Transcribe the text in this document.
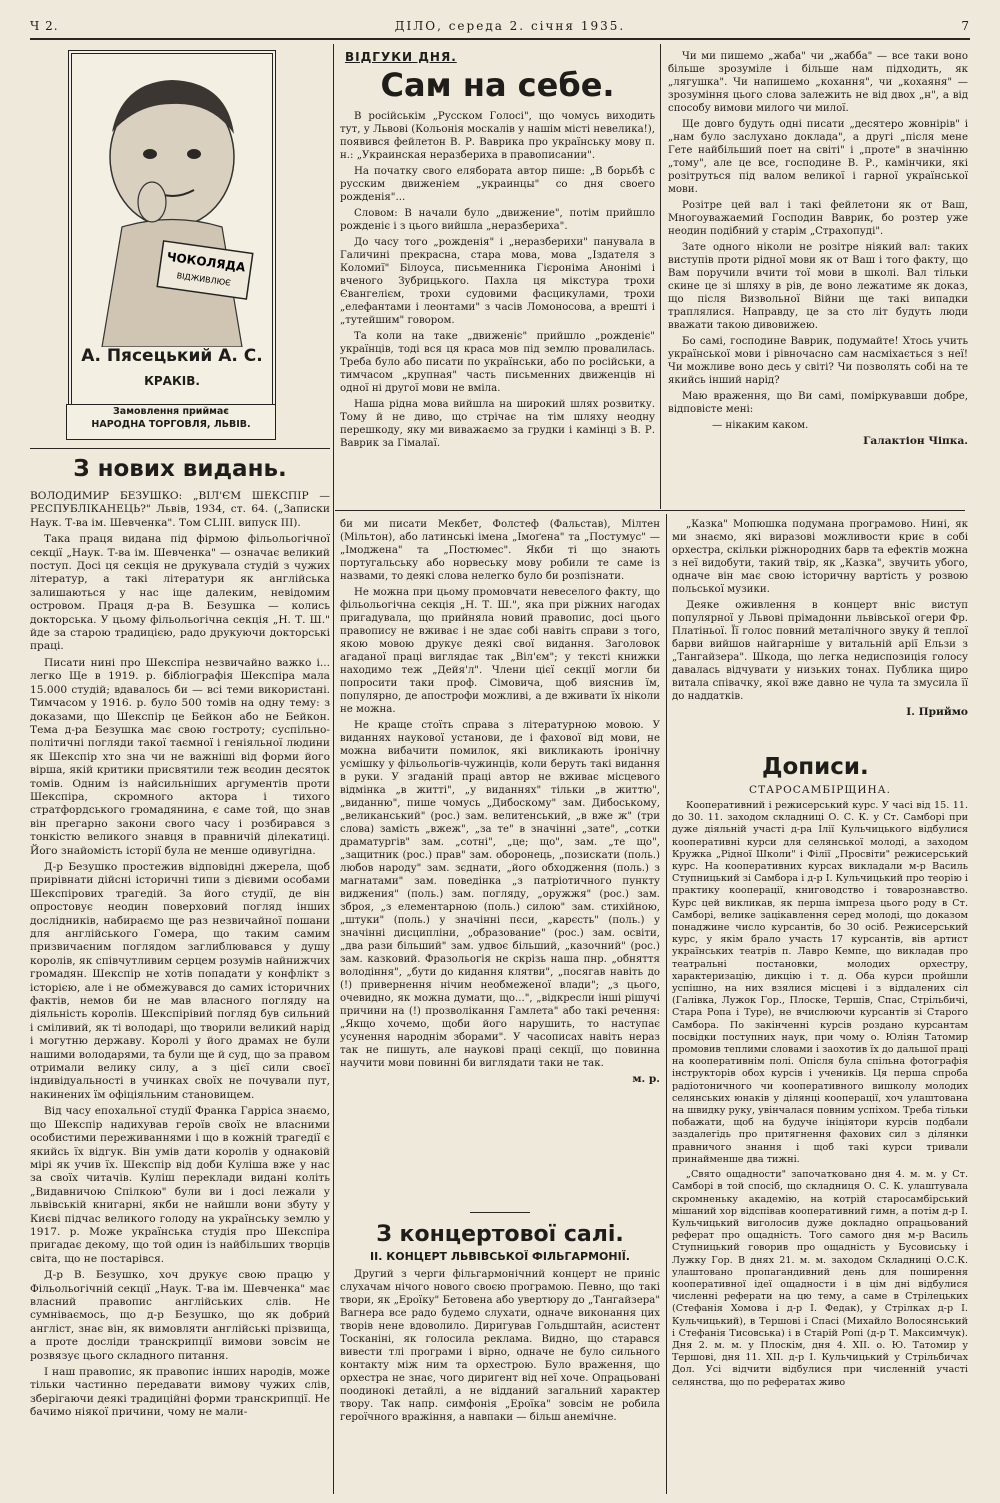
Ч 2.	ДІЛО, середа 2. січня 1935.	7
ЧОКОЛЯДА
ВІДЖИВЛЮЄ
А. Пясецький А. С.
КРАКІВ.
Замовлення приймає
НАРОДНА ТОРГОВЛЯ, ЛЬВІВ.
З нових видань.

ВОЛОДИМИР БЕЗУШКО: „ВІЛ'ЄМ ШЕКСПІР — РЕСПУБЛІКАНЕЦЬ?" Львів, 1934, ст. 64. („Записки Наук. Т-ва ім. Шевченка". Том CLIII. випуск III).

Така праця видана під фірмою фільольогічної секції „Наук. Т-ва ім. Шевченка" — означає великий поступ. Досі ця секція не друкувала студій з чужих літератур, а такі літератури як англійська залишаються у нас іще далеким, невідомим островом. Праця д-ра В. Безушка — колись докторська. У цьому фільольогічна секція „Н. Т. Ш." йде за старою традицією, радо друкуючи докторські праці.

Писати нині про Шекспіра незвичайно важко і... легко Ще в 1919. р. бібліографія Шекспіра мала 15.000 студій; вдавалось би — всі теми використані. Тимчасом у 1916. р. було 500 томів на одну тему: з доказами, що Шекспір це Бейкон або не Бейкон. Тема д-ра Безушка має свою гостроту; суспільно-політичні погляди такої таємної і геніяльної людини як Шекспір хто зна чи не важніші від форми його вірша, якій критики присвятили теж вєодин десяток томів. Одним із найсильніших аргументів проти Шекспіра, скромного актора і тихого стратфордського громадянина, є саме той, що знав він прегарно закони свого часу і розбирався з тонкістю великого знавця в правничій ділекатиці. Його знайомість історії була не менше одивугідна.

Д-р Безушко простежив відповідні джерела, щоб прирівнати дійсні історичні типи з дієвими особами Шекспірових трагедій. За його студії, де він опростовує неодин поверховий погляд інших дослідників, набираємо ще раз незвичайної пошани для англійського Гомера, що таким самим призвичаєним поглядом заглиблювався у душу королів, як співчутливим серцем розумів найнижчих громадян. Шекспір не хотів попадати у конфлікт з історією, але і не обмежувався до самих історичних фактів, немов би не мав власного погляду на діяльність королів. Шекспірівий погляд був сильний і сміливий, як ті володарі, що творили великий нарід і могутню державу. Королі у його драмах не були нашими володарями, та були ще й суд, що за правом отримали велику силу, а з цієї сили своєї індивідуальності в учинках своїх не почували пут, накинених їм офіціяльним становищем.

Від часу епохальної студії Франка Гарріса знаємо, що Шекспір надихував героїв своїх не власними особистими переживаннями і що в кожній трагедії є якийсь їх відгук. Він умів дати королів у однаковій мірі як учив їх. Шекспір від доби Куліша вже у нас за своїх читачів. Куліш переклади видані коліть „Видавничою Спілкою" були ви і досі лежали у львівській книгарні, якби не найшли вони збуту у Києві підчас великого голоду на українську землю у 1917. р. Може українська студія про Шекспіра пригадає декому, що той один із найбільших творців світа, що не постарівся.

Д-р В. Безушко, хоч друкує свою працю у Фільольогічній секції „Наук. Т-ва ім. Шевченка" має власний правопис англійських слів. Не сумніваємось, що д-р Безушко, що як добрий англіст, знає він, як вимовляти англійські прізвища, а проте досліди транскрипції вимови зовсім не розвязує цього складного питання.

І наш правопис, як правопис інших народів, може тільки частинно передавати вимову чужих слів, зберігаючи деякі традиційні форми транскрипції. Не бачимо ніякої причини, чому не мали-

ВІДГУКИ ДНЯ.
Сам на себе.

В російськім „Русском Голосі", що чомусь виходить тут, у Львові (Кольонія москалів у нашім місті невелика!), появився фейлетон В. Р. Ваврика про українську мову п. н.: „Украинская неразбериха в правописании".

На початку свого елябората автор пише: „В борьбѣ с русским движеніем „украинцы" со дня своего рожденія"...

Словом: В начали було „движение", потім прийшло рожденіє і з цього вийшла „неразбериха".

До часу того „рожденія" і „неразберихи" панувала в Галичині прекрасна, стара мова, мова „Іздателя з Коломиї" Білоуса, письменника Гієроніма Анонімі і вченого Зубрицького. Пахла ця мікстура трохи Євангелієм, трохи судовими фасцикулами, трохи „елефантами і леонтами" з часів Ломоносова, а врешті і „тутейшим" говором.

Та коли на таке „движеніє" прийшло „рожденіє" українців, тоді вся ця краса мов під землю провалилась. Треба було або писати по українськи, або по російськи, а тимчасом „крупная" часть письменних движенців ні одної ні другої мови не вміла.

Наша рідна мова вийшла на широкий шлях розвитку. Тому й не диво, що стрічає на тім шляху неодну перешкоду, яку ми виважаємо за грудки і камінці з В. Р. Ваврик за Гімалаї.

Чи ми пишемо „жаба" чи „жабба" — все таки воно більше зрозуміле і більше нам підходить, як „лягушка". Чи напишемо „кохання", чи „кохаяня" — зрозуміння цього слова залежить не від двох „н", а від способу вимови милого чи милої.

Ще довго будуть одні писати „десятеро жовнірів" і „нам було заслухано доклада", а другі „після мене Гете найбільший поет на світі" і „проте" в значінню „тому", але це все, господине В. Р., камінчики, які розітруться під валом великої і гарної української мови.

Розітре цей вал і такі фейлетони як от Ваш, Многоуважаемий Господин Ваврик, бо розтер уже неодин подібний у старім „Страхопуді".

Зате одного ніколи не розітре ніякий вал: таких виступів проти рідної мови як от Ваш і того факту, що Вам поручили вчити тої мови в школі. Вал тільки скине це зі шляху в рів, де воно лежатиме як доказ, що після Визвольної Війни ще такі випадки траплялися. Направду, це за сто літ будуть люди вважати такою дивовижею.

Бо самі, господине Ваврик, подумайте! Хтось учить української мови і рівночасно сам насміхається з неї! Чи можливе воно десь у світі? Чи позволять собі на те якийсь інший нарід?

Маю враження, що Ви самі, поміркувавши добре, відповісте мені:

— нікаким каком.

Галактіон Чіпка.

би ми писати Мекбет, Фолстеф (Фальстав), Мілтен (Мільтон), або латинські імена „Імоґена" та „Постумус" — „Імоджена" та „Постюмес". Якби ті що знають португальську або норвеську мову робили те саме із назвами, то деякі слова нелегко було би розпізнати.

Не можна при цьому промовчати невеселого факту, що фільольогічна секція „Н. Т. Ш.", яка при ріжних нагодах пригадувала, що прийняла новий правопис, досі цього правопису не вживає і не здає собі навіть справи з того, якою мовою друкує деякі свої видання. Заголовок агаданої праці виглядає так „Віл'єм"; у тексті книжки находимо теж „Дейя'л". Члени цієї секції могли би попросити таки проф. Сімовича, щоб вияснив їм, популярно, де апострофи можливі, а де вживати їх ніколи не можна.

Не краще стоїть справа з літературною мовою. У виданнях наукової установи, де і фахової від мови, не можна вибачити помилок, які викликають іронічну усмішку у фільольогів-чужинців, коли беруть такі видання в руки. У згаданій праці автор не вживає місцевого відмінка „в житті", „у виданнях" тільки „в життю", „виданню", пише чомусь „Дибоскому" зам. Дибоському, „великанський" (рос.) зам. велитенський, „в вже ж" (три слова) замість „вжеж", „за те" в значінні „зате", „сотки драматургів" зам. „сотні", „це; що", зам. „те що", „защитник (рос.) прав" зам. оборонець, „позискати (поль.) любов народу" зам. зєднати, „його обходження (поль.) з магнатами" зам. поведінка „з патріотичного пункту виджения" (поль.) зам. погляду, „оружжя" (рос.) зам. зброя, „з елементарною (поль.) силою" зам. стихійною, „штуки" (поль.) у значінні пєси, „карєсть" (поль.) у значінні дисципліни, „образование" (рос.) зам. освіти, „два рази більший" зам. удвоє більший, „казочний" (рос.) зам. казковий. Фразольогія не скрізь наша пнр. „обняття володіння", „бути до кидання клятви", „посягав навіть до (!) привернення нічим необмеженої влади"; „з цього, очевидно, як можна думати, що...", „відкресли інші рішучі причини на (!) прозволікання Гамлета" або такі речення: „Якщо хочемо, щоби його нарушить, то наступає усунення народнім зборами". У часописах навіть нераз так не пишуть, але наукові праці секції, що повинна научити мови повинні би виглядати таки не так.

м. р.
З концертової салі.
ІІ. КОНЦЕРТ ЛЬВІВСЬКОЇ ФІЛЬГАРМОНІЇ.

Другий з черги фільгармонічний концерт не приніс слухачам нічого нового своєю програмою. Певно, що такі твори, як „Ероїку" Бетовена або увертюру до „Тангайзера" Вагнера все радо будемо слухати, одначе виконання цих творів нене вдоволило. Диригував Гольдштайн, асистент Тосканіні, як голосила реклама. Видно, що старався вивести тлі програми і вірно, одначе не було сильного контакту між ним та орхестрою. Було враження, що орхестра не знає, чого диригент від неї хоче. Опрацьовані поодинокі детайлі, а не відданий загальний характер твору. Так напр. симфонія „Ероїка" зовсім не робила героїчного вражіння, а навпаки — більш анемічне.

„Казка" Мопюшка подумана програмово. Нині, як ми знаємо, які виразові можливости криє в собі орхестра, скільки ріжнородних барв та ефектів можна з неї видобути, такий твір, як „Казка", звучить убого, одначе він має свою історичну вартість у розвою польської музики.

Деяке оживлення в концерт вніс виступ популярної у Львові прімадонни львівської огери Фр. Платіньої. Її голос повний металічного звуку й теплої барви вийшов найгарніше у витальній арії Ельзи з „Тангайзера". Шкода, що легка недиспозиція голосу давалась відчувати у низьких тонах. Публика щиро витала співачку, якої вже давно не чула та змусила її до наддатків.

І. Приймо
Дописи.
СТАРОСАМБІРЩИНА.

Кооперативний і режисерський курс. У часі від 15. 11. до 30. 11. заходом складниці О. С. К. у Ст. Самборі при дуже діяльній участі д-ра Ілії Кульчицького відбулися кооперативні курси для селянської молоді, а заходом Кружка „Рідної Школи" і Філії „Просвіти" режисерський курс. На кооперативних курсах викладали м-р Василь Ступницький зі Самбора і д-р І. Кульчицький про теорію і практику кооперації, книговодство і товарознавство. Курс цей викликав, як перша імпреза цього роду в Ст. Самборі, велике зацікавлення серед молоді, що доказом понаджине число курсантів, бо 30 осіб. Режисерський курс, у якім брало участь 17 курсантів, вів артист українських театрів п. Лавро Кемпе, що викладав про театральні постановки, молодих орхестру, характеризацію, дикцію і т. д. Оба курси пройшли успішно, на них взялися місцеві і з віддалених сіл (Галівка, Лужок Гор., Плоске, Тершів, Спас, Стрільбичі, Стара Ропа і Туре), не вчислюючи курсантів зі Старого Самбора. По закінченні курсів роздано курсантам посвідки поступних наук, при чому о. Юліян Татомир промовив теплими словами і заохотив їх до дальшої праці на кооперативнім полі. Опісля була спільна фотографія інструкторів обох курсів і учеників. Ця перша спроба радіотоничного чи кооперативного вишколу молодих селянських юнаків у ділянці кооперації, хоч улаштована на швидку руку, увінчалася повним успіхом. Треба тільки побажати, щоб на будуче ініціятори курсів подбали заздалегідь про притягнення фахових сил з ділянки правничого знання і щоб такі курси тривали принайменше два тижні.

„Свято ощадности" започатковано дня 4. м. м. у Ст. Самборі в той спосіб, що складниця О. С. К. улаштувала скромненьку академію, на котрій старосамбірський мішаний хор відспівав кооперативний гимн, а потім д-р І. Кульчицький виголосив дуже докладно опрацьований реферат про ощадність. Того самого дня м-р Василь Ступницький говорив про ощадність у Бусовиську і Лужку Гор. В днях 21. м. м. заходом Складниці О.С.К. улаштовано пропагандивний день для поширення кооперативної ідеї ощадности і в цім дні відбулися численні реферати на цю тему, а саме в Стрілецьких (Стефанія Хомова і д-р І. Федак), у Стрілках д-р І. Кульчицький), в Тершові і Спасі (Михайло Волосянський і Стефанія Тисовська) і в Старій Ропі (д-р Т. Максимчук). Дня 2. м. м. у Плоскім, дня 4. XII. о. Ю. Татомир у Тершові, дня 11. XII. д-р І. Кульчицький у Стрільбичах Дол. Усі відчити відбулися при численній участі селянства, що по рефератах живо
